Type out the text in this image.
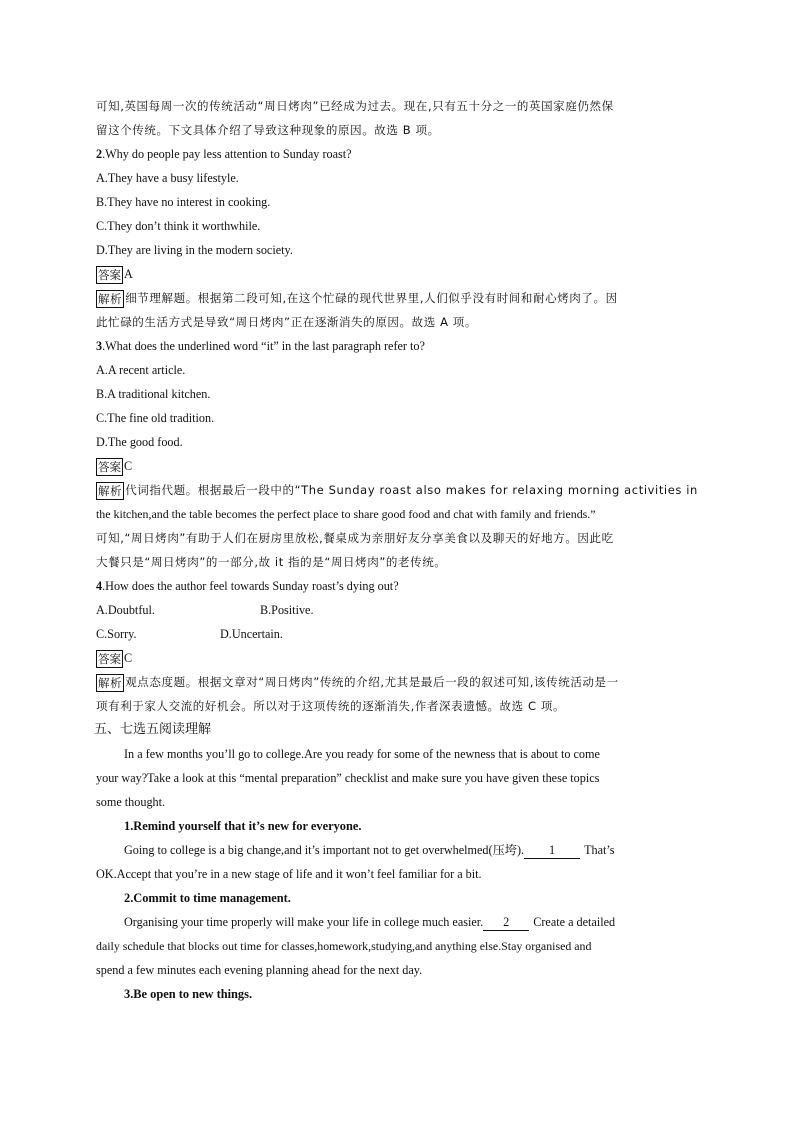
可知,英国每周一次的传统活动“周日烤肉”已经成为过去。现在,只有五十分之一的英国家庭仍然保
留这个传统。下文具体介绍了导致这种现象的原因。故选 B 项。
2.Why do people pay less attention to Sunday roast?
A.They have a busy lifestyle.
B.They have no interest in cooking.
C.They don’t think it worthwhile.
D.They are living in the modern society.
答案 A
解析 细节理解题。根据第二段可知,在这个忙碌的现代世界里,人们似乎没有时间和耐心烤肉了。因
此忙碌的生活方式是导致“周日烤肉”正在逐渐消失的原因。故选 A 项。
3.What does the underlined word “it” in the last paragraph refer to?
A.A recent article.
B.A traditional kitchen.
C.The fine old tradition.
D.The good food.
答案 C
解析 代词指代题。根据最后一段中的“The Sunday roast also makes for relaxing morning activities in
the kitchen,and the table becomes the perfect place to share good food and chat with family and friends.”
可知,“周日烤肉”有助于人们在厨房里放松,餐桌成为亲朋好友分享美食以及聊天的好地方。因此吃
大餐只是“周日烤肉”的一部分,故 it 指的是“周日烤肉”的老传统。
4.How does the author feel towards Sunday roast’s dying out?
A.Doubtful.	B.Positive.
C.Sorry.	D.Uncertain.
答案 C
解析 观点态度题。根据文章对“周日烤肉”传统的介绍,尤其是最后一段的叙述可知,该传统活动是一
项有利于家人交流的好机会。所以对于这项传统的逐渐消失,作者深表遗憾。故选 C 项。
五、七选五阅读理解
In a few months you’ll go to college.Are you ready for some of the newness that is about to come
your way?Take a look at this “mental preparation” checklist and make sure you have given these topics
some thought.
1.Remind yourself that it’s new for everyone.
Going to college is a big change,and it’s important not to get overwhelmed(压垮). 1 That’s
OK.Accept that you’re in a new stage of life and it won’t feel familiar for a bit.
2.Commit to time management.
Organising your time properly will make your life in college much easier. 2 Create a detailed
daily schedule that blocks out time for classes,homework,studying,and anything else.Stay organised and
spend a few minutes each evening planning ahead for the next day.
3.Be open to new things.
